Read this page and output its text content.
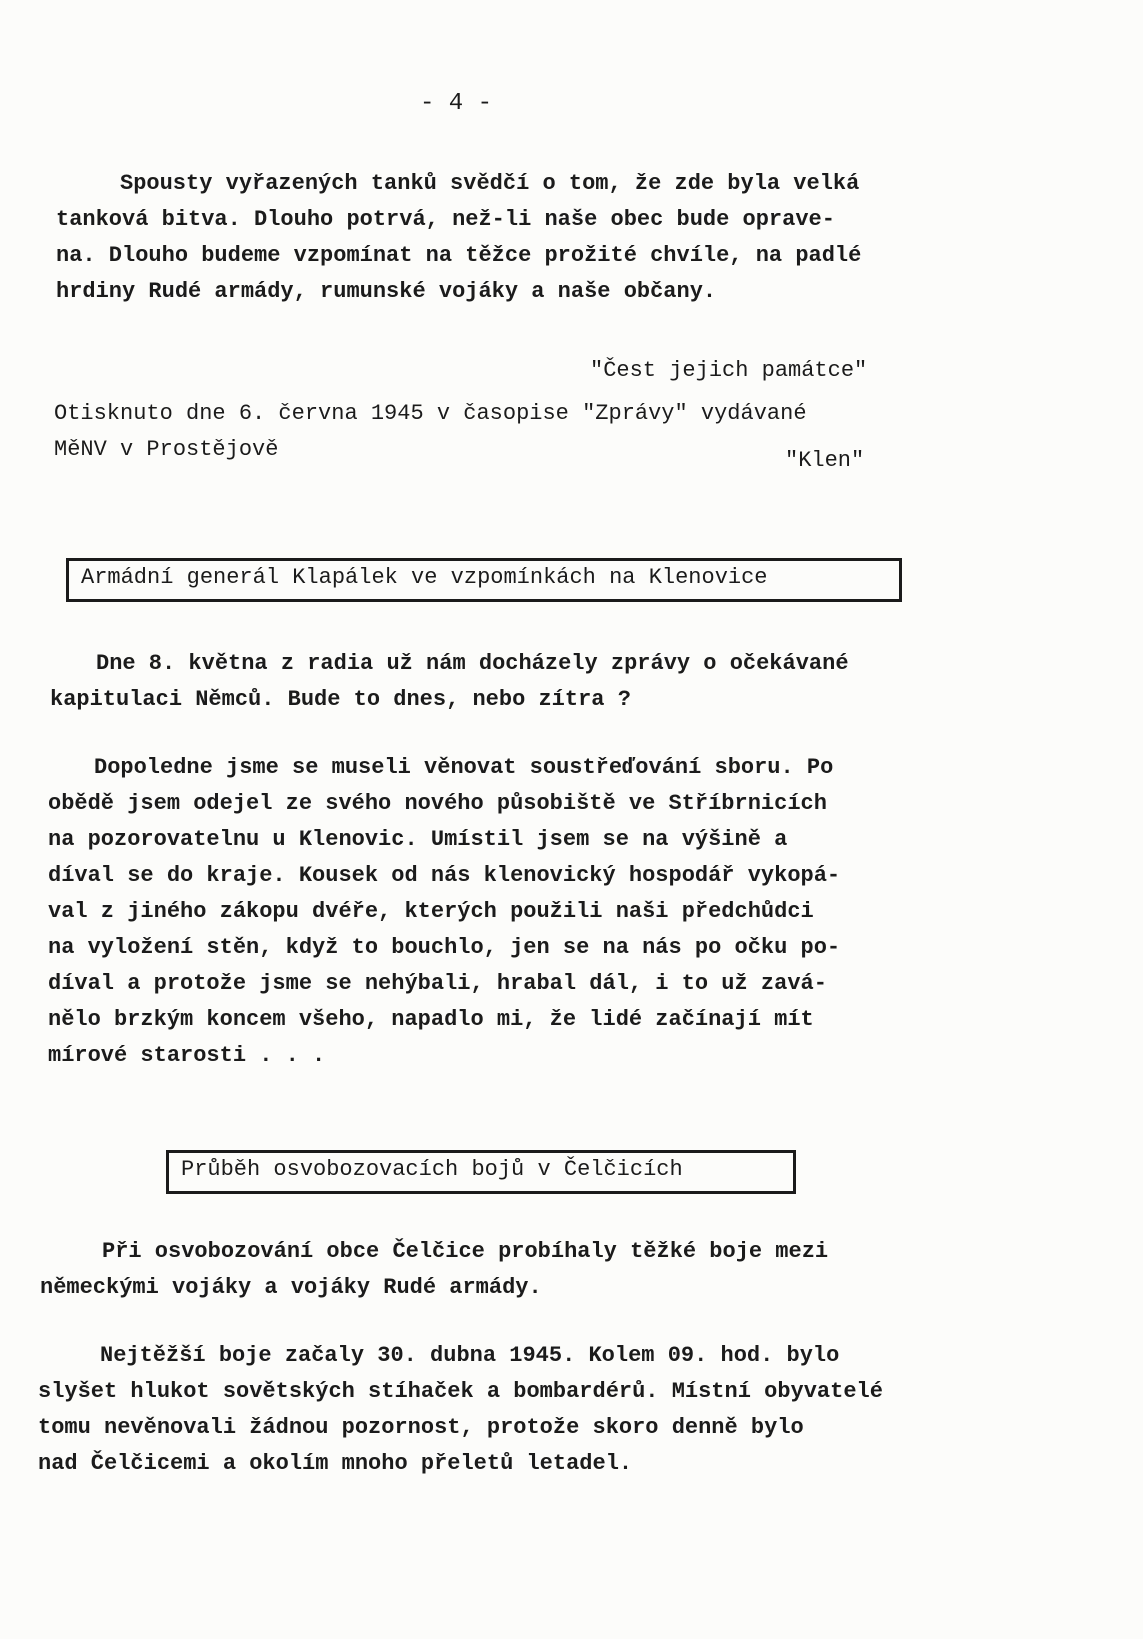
- 4 -

Spousty vyřazených tanků svědčí o tom, že zde byla velká
tanková bitva. Dlouho potrvá, než-li naše obec bude oprave-
na. Dlouho budeme vzpomínat na těžce prožité chvíle, na padlé
hrdiny Rudé armády, rumunské vojáky a naše občany.

"Čest jejich památce"
Otisknuto dne 6. června 1945 v časopise "Zprávy" vydávané
MěNV v Prostějově	"Klen"
Armádní generál Klapálek ve vzpomínkách na Klenovice

Dne 8. května z radia už nám docházely zprávy o očekávané
kapitulaci Němců. Bude to dnes, nebo zítra ?

Dopoledne jsme se museli věnovat soustřeďování sboru. Po
obědě jsem odejel ze svého nového působiště ve Stříbrnicích
na pozorovatelnu u Klenovic. Umístil jsem se na výšině a
díval se do kraje. Kousek od nás klenovický hospodář vykopá-
val z jiného zákopu dvéře, kterých použili naši předchůdci
na vyložení stěn, když to bouchlo, jen se na nás po očku po-
díval a protože jsme se nehýbali, hrabal dál, i to už zavá-
nělo brzkým koncem všeho, napadlo mi, že lidé začínají mít
mírové starosti . . .

Průběh osvobozovacích bojů v Čelčicích

Při osvobozování obce Čelčice probíhaly těžké boje mezi
německými vojáky a vojáky Rudé armády.

Nejtěžší boje začaly 30. dubna 1945. Kolem 09. hod. bylo
slyšet hlukot sovětských stíhaček a bombardérů. Místní obyvatelé
tomu nevěnovali žádnou pozornost, protože skoro denně bylo
nad Čelčicemi a okolím mnoho přeletů letadel.
